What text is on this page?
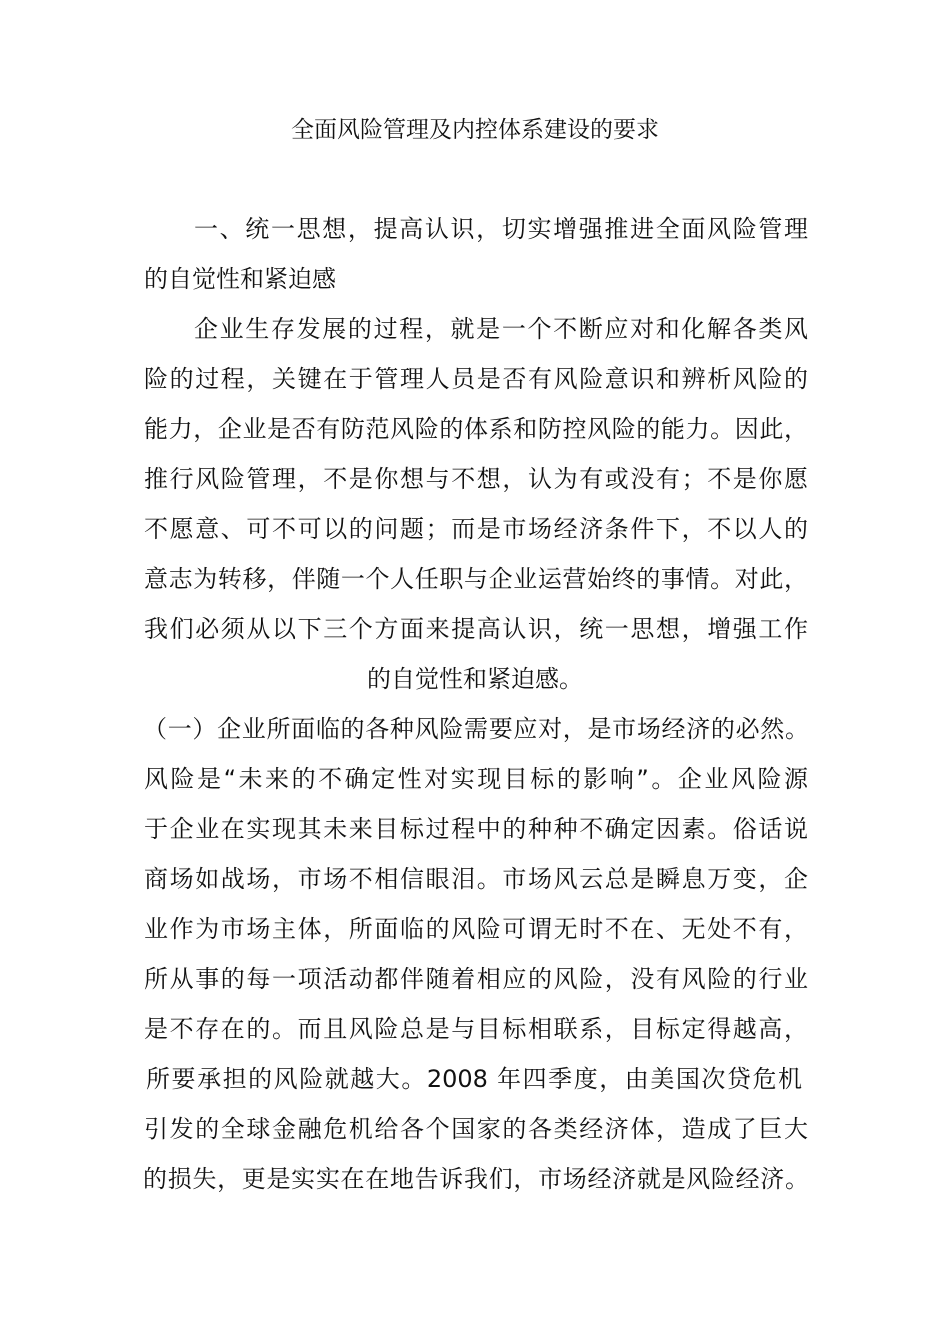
全面风险管理及内控体系建设的要求
一、统一思想，提高认识，切实增强推进全面风险管理
的自觉性和紧迫感
企业生存发展的过程，就是一个不断应对和化解各类风
险的过程，关键在于管理人员是否有风险意识和辨析风险的
能力，企业是否有防范风险的体系和防控风险的能力。因此，
推行风险管理，不是你想与不想，认为有或没有；不是你愿
不愿意、可不可以的问题；而是市场经济条件下，不以人的
意志为转移，伴随一个人任职与企业运营始终的事情。对此，
我们必须从以下三个方面来提高认识，统一思想，增强工作
的自觉性和紧迫感。
（一）企业所面临的各种风险需要应对，是市场经济的必然。
风险是“未来的不确定性对实现目标的影响”。企业风险源
于企业在实现其未来目标过程中的种种不确定因素。俗话说
商场如战场，市场不相信眼泪。市场风云总是瞬息万变，企
业作为市场主体，所面临的风险可谓无时不在、无处不有，
所从事的每一项活动都伴随着相应的风险，没有风险的行业
是不存在的。而且风险总是与目标相联系，目标定得越高，
所要承担的风险就越大。2008 年四季度，由美国次贷危机
引发的全球金融危机给各个国家的各类经济体，造成了巨大
的损失，更是实实在在地告诉我们，市场经济就是风险经济。
